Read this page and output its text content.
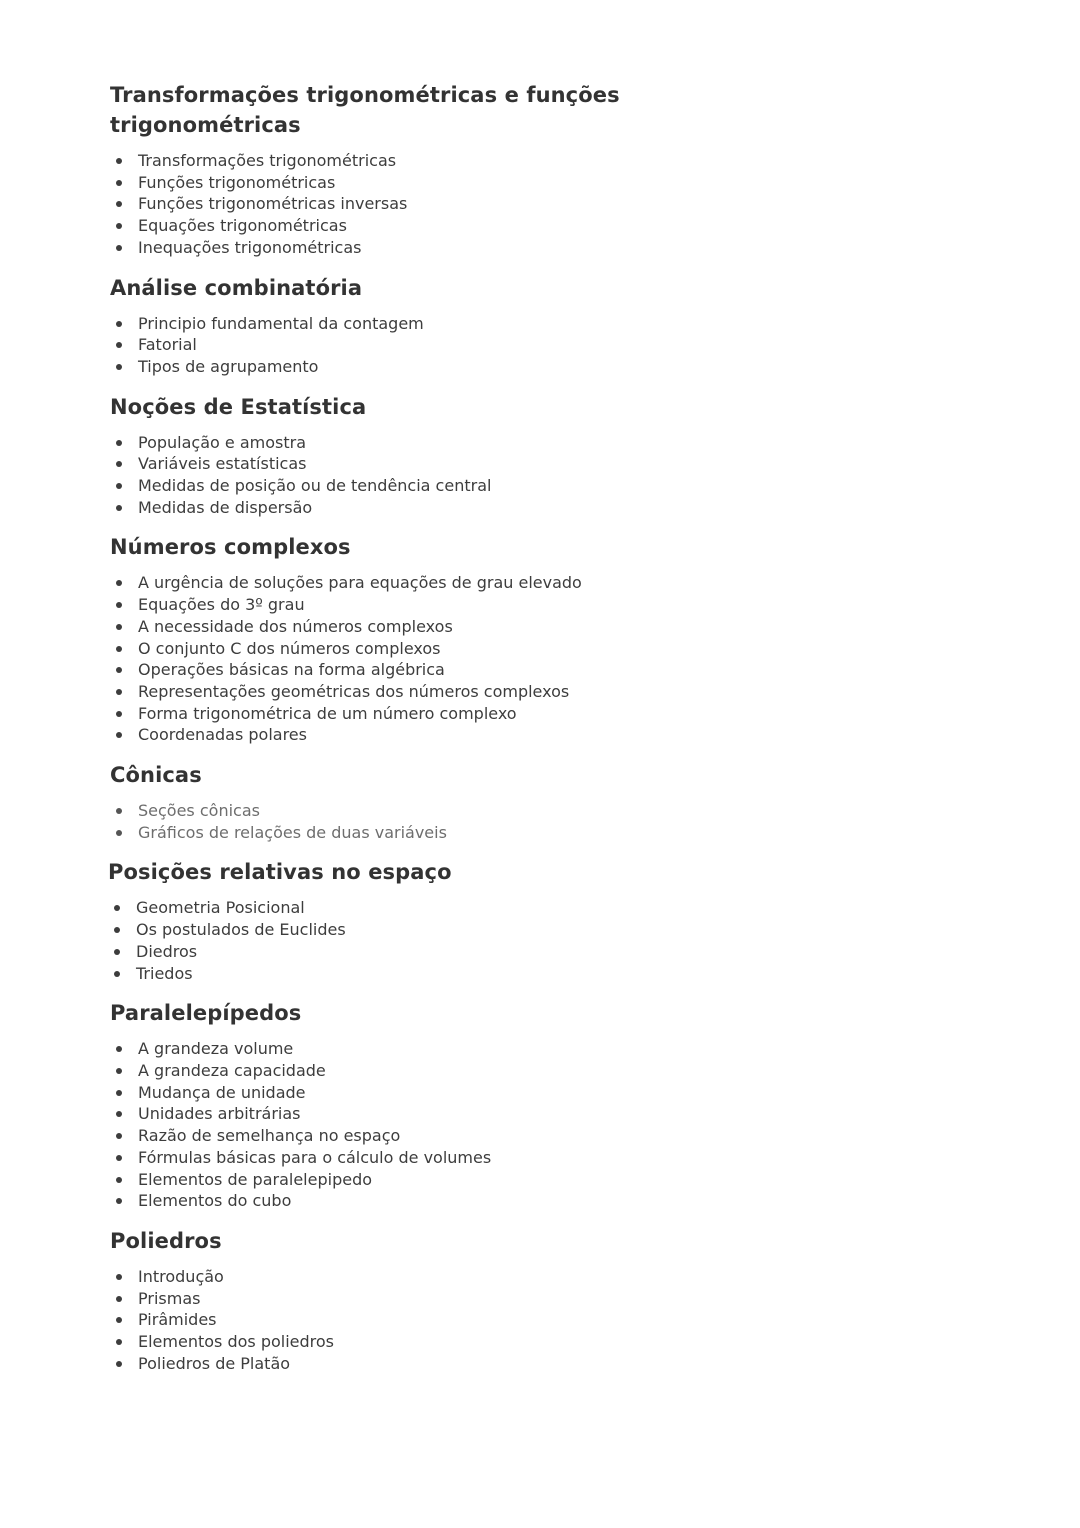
Transformações trigonométricas e funções trigonométricas
Transformações trigonométricas
Funções trigonométricas
Funções trigonométricas inversas
Equações trigonométricas
Inequações trigonométricas
Análise combinatória
Principio fundamental da contagem
Fatorial
Tipos de agrupamento
Noções de Estatística
População e amostra
Variáveis estatísticas
Medidas de posição ou de tendência central
Medidas de dispersão
Números complexos
A urgência de soluções para equações de grau elevado
Equações do 3º grau
A necessidade dos números complexos
O conjunto C dos números complexos
Operações básicas na forma algébrica
Representações geométricas dos números complexos
Forma trigonométrica de um número complexo
Coordenadas polares
Cônicas
Seções cônicas
Gráficos de relações de duas variáveis
Posições relativas no espaço
Geometria Posicional
Os postulados de Euclides
Diedros
Triedos
Paralelepípedos
A grandeza volume
A grandeza capacidade
Mudança de unidade
Unidades arbitrárias
Razão de semelhança no espaço
Fórmulas básicas para o cálculo de volumes
Elementos de paralelepipedo
Elementos do cubo
Poliedros
Introdução
Prismas
Pirâmides
Elementos dos poliedros
Poliedros de Platão
